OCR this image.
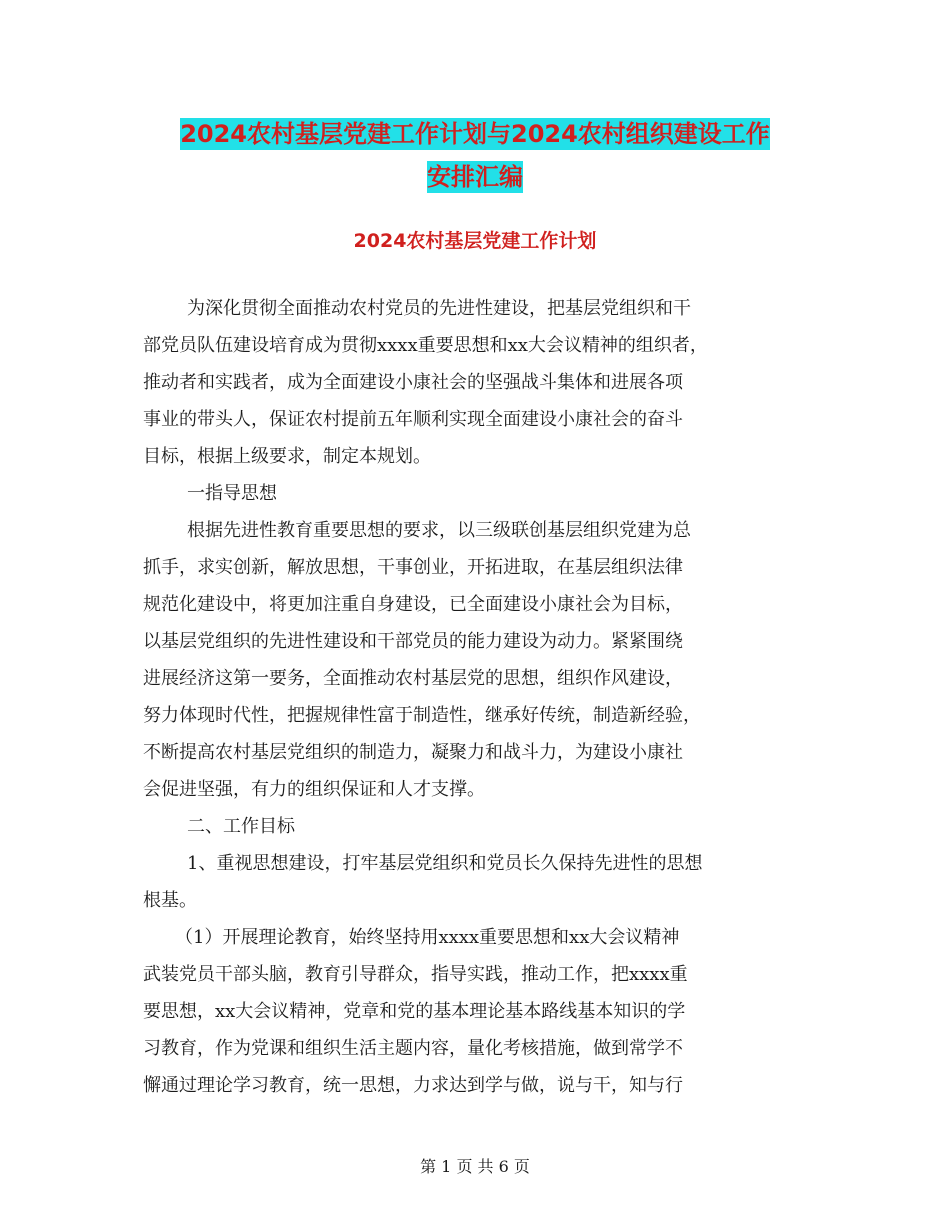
2024农村基层党建工作计划与2024农村组织建设工作
安排汇编
2024农村基层党建工作计划
为深化贯彻全面推动农村党员的先进性建设，把基层党组织和干
部党员队伍建设培育成为贯彻xxxx重要思想和xx大会议精神的组织者，
推动者和实践者，成为全面建设小康社会的坚强战斗集体和进展各项
事业的带头人，保证农村提前五年顺利实现全面建设小康社会的奋斗
目标，根据上级要求，制定本规划。
一指导思想
根据先进性教育重要思想的要求，以三级联创基层组织党建为总
抓手，求实创新，解放思想，干事创业，开拓进取，在基层组织法律
规范化建设中，将更加注重自身建设，已全面建设小康社会为目标，
以基层党组织的先进性建设和干部党员的能力建设为动力。紧紧围绕
进展经济这第一要务，全面推动农村基层党的思想，组织作风建设，
努力体现时代性，把握规律性富于制造性，继承好传统，制造新经验，
不断提高农村基层党组织的制造力，凝聚力和战斗力，为建设小康社
会促进坚强，有力的组织保证和人才支撑。
二、工作目标
1、重视思想建设，打牢基层党组织和党员长久保持先进性的思想
根基。
（1）开展理论教育，始终坚持用xxxx重要思想和xx大会议精神
武装党员干部头脑，教育引导群众，指导实践，推动工作，把xxxx重
要思想，xx大会议精神，党章和党的基本理论基本路线基本知识的学
习教育，作为党课和组织生活主题内容，量化考核措施，做到常学不
懈通过理论学习教育，统一思想，力求达到学与做，说与干，知与行
第 1 页 共 6 页
